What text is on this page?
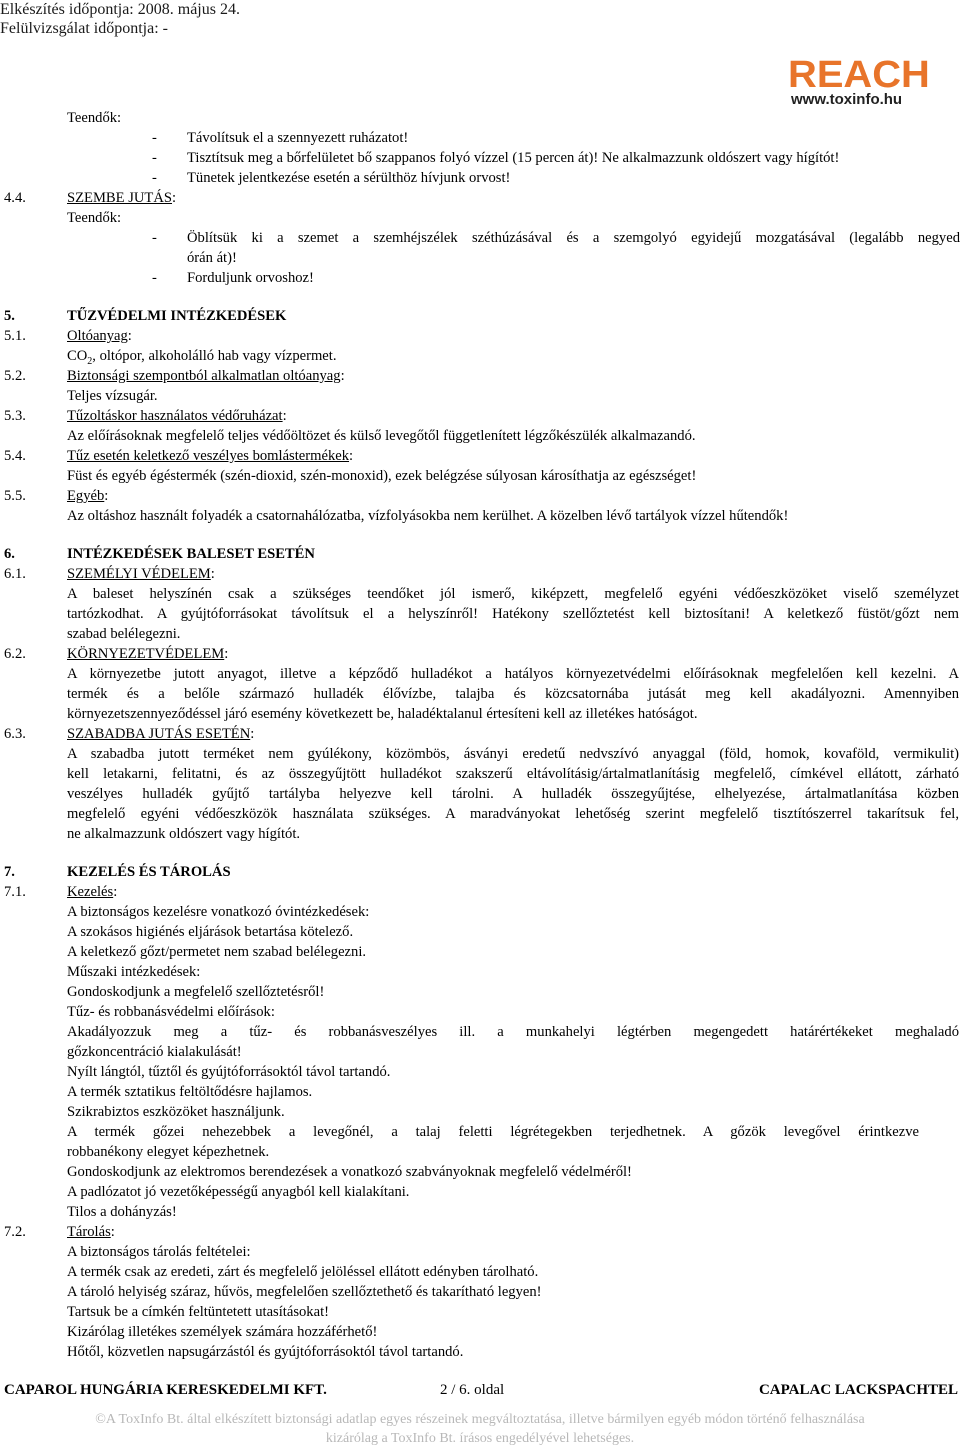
Elkészítés időpontja: 2008. május 24.
Felülvizsgálat időpontja: -
REACH
www.toxinfo.hu
Teendők:
- Távolítsuk el a szennyezett ruházatot!
- Tisztítsuk meg a bőrfelületet bő szappanos folyó vízzel (15 percen át)! Ne alkalmazzunk oldószert vagy hígítót!
- Tünetek jelentkezése esetén a sérülthöz hívjunk orvost!
4.4.	SZEMBE JUTÁS:
Teendők:
- Öblítsük ki a szemet a szemhéjszélek széthúzásával és a szemgolyó egyidejű mozgatásával (legalább negyed
órán át)!
- Forduljunk orvoshoz!
5.	TŰZVÉDELMI INTÉZKEDÉSEK
5.1.	Oltóanyag:
$CO_2$, oltópor, alkoholálló hab vagy vízpermet.
5.2.	Biztonsági szempontból alkalmatlan oltóanyag:
Teljes vízsugár.
5.3.	Tűzoltáskor használatos védőruházat:
Az előírásoknak megfelelő teljes védőöltözet és külső levegőtől függetlenített légzőkészülék alkalmazandó.
5.4.	Tűz esetén keletkező veszélyes bomlástermékek:
Füst és egyéb égéstermék (szén-dioxid, szén-monoxid), ezek belégzése súlyosan károsíthatja az egészséget!
5.5.	Egyéb:
Az oltáshoz használt folyadék a csatornahálózatba, vízfolyásokba nem kerülhet. A közelben lévő tartályok vízzel hűtendők!
6.	INTÉZKEDÉSEK BALESET ESETÉN
6.1.	SZEMÉLYI VÉDELEM:
A baleset helyszínén csak a szükséges teendőket jól ismerő, kiképzett, megfelelő egyéni védőeszközöket viselő személyzet
tartózkodhat. A gyújtóforrásokat távolítsuk el a helyszínről! Hatékony szellőztetést kell biztosítani! A keletkező füstöt/gőzt nem
szabad belélegezni.
6.2.	KÖRNYEZETVÉDELEM:
A környezetbe jutott anyagot, illetve a képződő hulladékot a hatályos környezetvédelmi előírásoknak megfelelően kell kezelni. A
termék és a belőle származó hulladék élővízbe, talajba és közcsatornába jutását meg kell akadályozni. Amennyiben
környezetszennyeződéssel járó esemény következett be, haladéktalanul értesíteni kell az illetékes hatóságot.
6.3.	SZABADBA JUTÁS ESETÉN:
A szabadba jutott terméket nem gyúlékony, közömbös, ásványi eredetű nedvszívó anyaggal (föld, homok, kovaföld, vermikulit)
kell letakarni, felitatni, és az összegyűjtött hulladékot szakszerű eltávolításig/ártalmatlanításig megfelelő, címkével ellátott, zárható
veszélyes hulladék gyűjtő tartályba helyezve kell tárolni. A hulladék összegyűjtése, elhelyezése, ártalmatlanítása közben
megfelelő egyéni védőeszközök használata szükséges. A maradványokat lehetőség szerint megfelelő tisztítószerrel takarítsuk fel,
ne alkalmazzunk oldószert vagy hígítót.
7.	KEZELÉS ÉS TÁROLÁS
7.1.	Kezelés:
A biztonságos kezelésre vonatkozó óvintézkedések:
A szokásos higiénés eljárások betartása kötelező.
A keletkező gőzt/permetet nem szabad belélegezni.
Műszaki intézkedések:
Gondoskodjunk a megfelelő szellőztetésről!
Tűz- és robbanásvédelmi előírások:
Akadályozzuk meg a tűz- és robbanásveszélyes ill. a munkahelyi légtérben megengedett határértékeket meghaladó
gőzkoncentráció kialakulását!
Nyílt lángtól, tűztől és gyújtóforrásoktól távol tartandó.
A termék sztatikus feltöltődésre hajlamos.
Szikrabiztos eszközöket használjunk.
A termék gőzei nehezebbek a levegőnél, a talaj feletti légrétegekben terjedhetnek. A gőzök levegővel érintkezve
robbanékony elegyet képezhetnek.
Gondoskodjunk az elektromos berendezések a vonatkozó szabványoknak megfelelő védelméről!
A padlózatot jó vezetőképességű anyagból kell kialakítani.
Tilos a dohányzás!
7.2.	Tárolás:
A biztonságos tárolás feltételei:
A termék csak az eredeti, zárt és megfelelő jelöléssel ellátott edényben tárolható.
A tároló helyiség száraz, hűvös, megfelelően szellőztethető és takarítható legyen!
Tartsuk be a címkén feltüntetett utasításokat!
Kizárólag illetékes személyek számára hozzáférhető!
Hőtől, közvetlen napsugárzástól és gyújtóforrásoktól távol tartandó.
CAPAROL HUNGÁRIA KERESKEDELMI KFT.	2 / 6. oldal	CAPALAC LACKSPACHTEL
©A ToxInfo Bt. által elkészített biztonsági adatlap egyes részeinek megváltoztatása, illetve bármilyen egyéb módon történő felhasználása
kizárólag a ToxInfo Bt. írásos engedélyével lehetséges.
